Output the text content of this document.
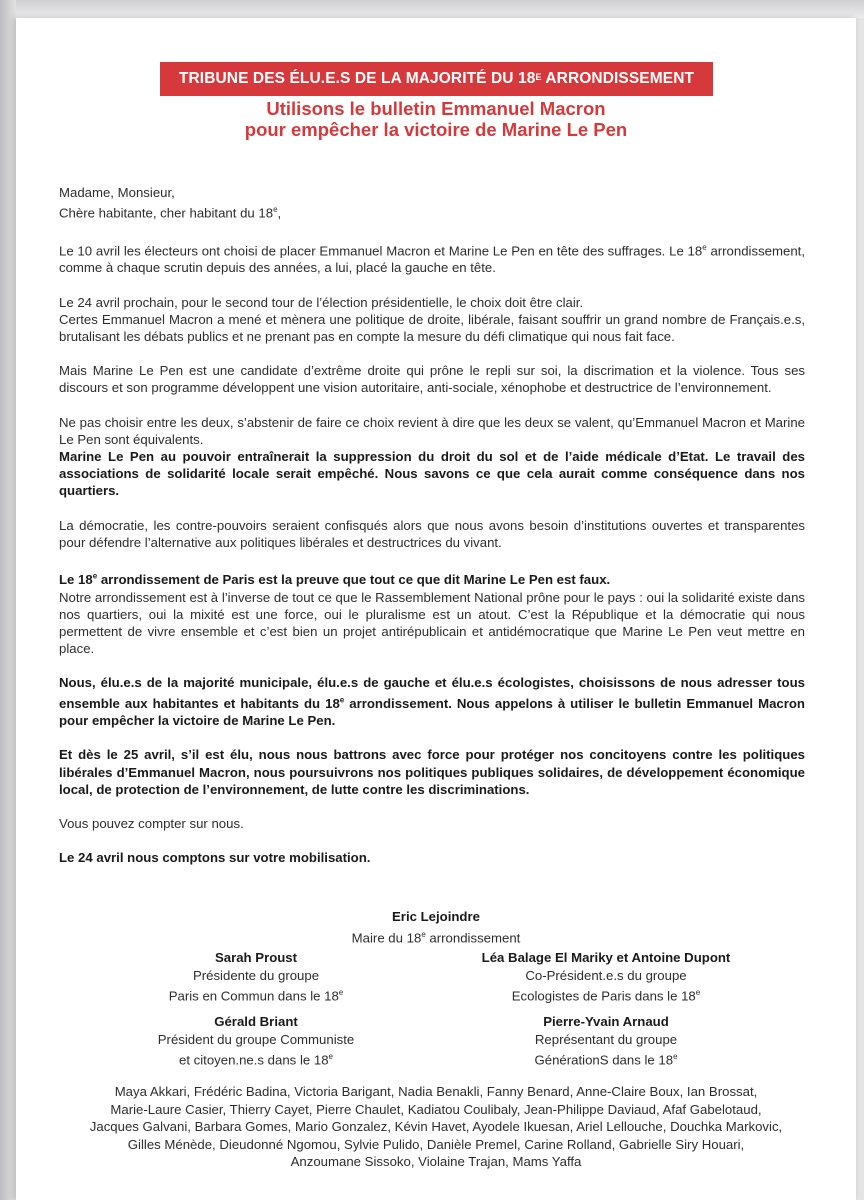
TRIBUNE DES ÉLU.E.S DE LA MAJORITÉ DU $18^E$ ARRONDISSEMENT
Utilisons le bulletin Emmanuel Macron
pour empêcher la victoire de Marine Le Pen

Madame, Monsieur,
Chère habitante, cher habitant du 18e,

Le 10 avril les électeurs ont choisi de placer Emmanuel Macron et Marine Le Pen en tête des suffrages. Le 18e arrondissement, comme à chaque scrutin depuis des années, a lui, placé la gauche en tête.

Le 24 avril prochain, pour le second tour de l’élection présidentielle, le choix doit être clair.
Certes Emmanuel Macron a mené et mènera une politique de droite, libérale, faisant souffrir un grand nombre de Français.e.s, brutalisant les débats publics et ne prenant pas en compte la mesure du défi climatique qui nous fait face.

Mais Marine Le Pen est une candidate d’extrême droite qui prône le repli sur soi, la discrimation et la violence. Tous ses discours et son programme développent une vision autoritaire, anti-sociale, xénophobe et destructrice de l’environnement.

Ne pas choisir entre les deux, s’abstenir de faire ce choix revient à dire que les deux se valent, qu’Emmanuel Macron et Marine Le Pen sont équivalents.
Marine Le Pen au pouvoir entraînerait la suppression du droit du sol et de l’aide médicale d’Etat. Le travail des associations de solidarité locale serait empêché. Nous savons ce que cela aurait comme conséquence dans nos quartiers.

La démocratie, les contre-pouvoirs seraient confisqués alors que nous avons besoin d’institutions ouvertes et transparentes pour défendre l’alternative aux politiques libérales et destructrices du vivant.

Le 18e arrondissement de Paris est la preuve que tout ce que dit Marine Le Pen est faux.
Notre arrondissement est à l’inverse de tout ce que le Rassemblement National prône pour le pays : oui la solidarité existe dans nos quartiers, oui la mixité est une force, oui le pluralisme est un atout. C’est la République et la démocratie qui nous permettent de vivre ensemble et c’est bien un projet antirépublicain et antidémocratique que Marine Le Pen veut mettre en place.

Nous, élu.e.s de la majorité municipale, élu.e.s de gauche et élu.e.s écologistes, choisissons de nous adresser tous ensemble aux habitantes et habitants du 18e arrondissement. Nous appelons à utiliser le bulletin Emmanuel Macron pour empêcher la victoire de Marine Le Pen.

Et dès le 25 avril, s’il est élu, nous nous battrons avec force pour protéger nos concitoyens contre les politiques libérales d’Emmanuel Macron, nous poursuivrons nos politiques publiques solidaires, de développement économique local, de protection de l’environnement, de lutte contre les discriminations.

Vous pouvez compter sur nous.

Le 24 avril nous comptons sur votre mobilisation.

Eric Lejoindre
Maire du 18e arrondissement
Sarah Proust
Présidente du groupe
Paris en Commun dans le 18e
Léa Balage El Mariky et Antoine Dupont
Co-Président.e.s du groupe
Ecologistes de Paris dans le 18e
Gérald Briant
Président du groupe Communiste
et citoyen.ne.s dans le 18e
Pierre-Yvain Arnaud
Représentant du groupe
GénérationS dans le 18e
Maya Akkari, Frédéric Badina, Victoria Barigant, Nadia Benakli, Fanny Benard, Anne-Claire Boux, Ian Brossat,
Marie-Laure Casier, Thierry Cayet, Pierre Chaulet, Kadiatou Coulibaly, Jean-Philippe Daviaud, Afaf Gabelotaud,
Jacques Galvani, Barbara Gomes, Mario Gonzalez, Kévin Havet, Ayodele Ikuesan, Ariel Lellouche, Douchka Markovic,
Gilles Ménède, Dieudonné Ngomou, Sylvie Pulido, Danièle Premel, Carine Rolland, Gabrielle Siry Houari,
Anzoumane Sissoko, Violaine Trajan, Mams Yaffa
